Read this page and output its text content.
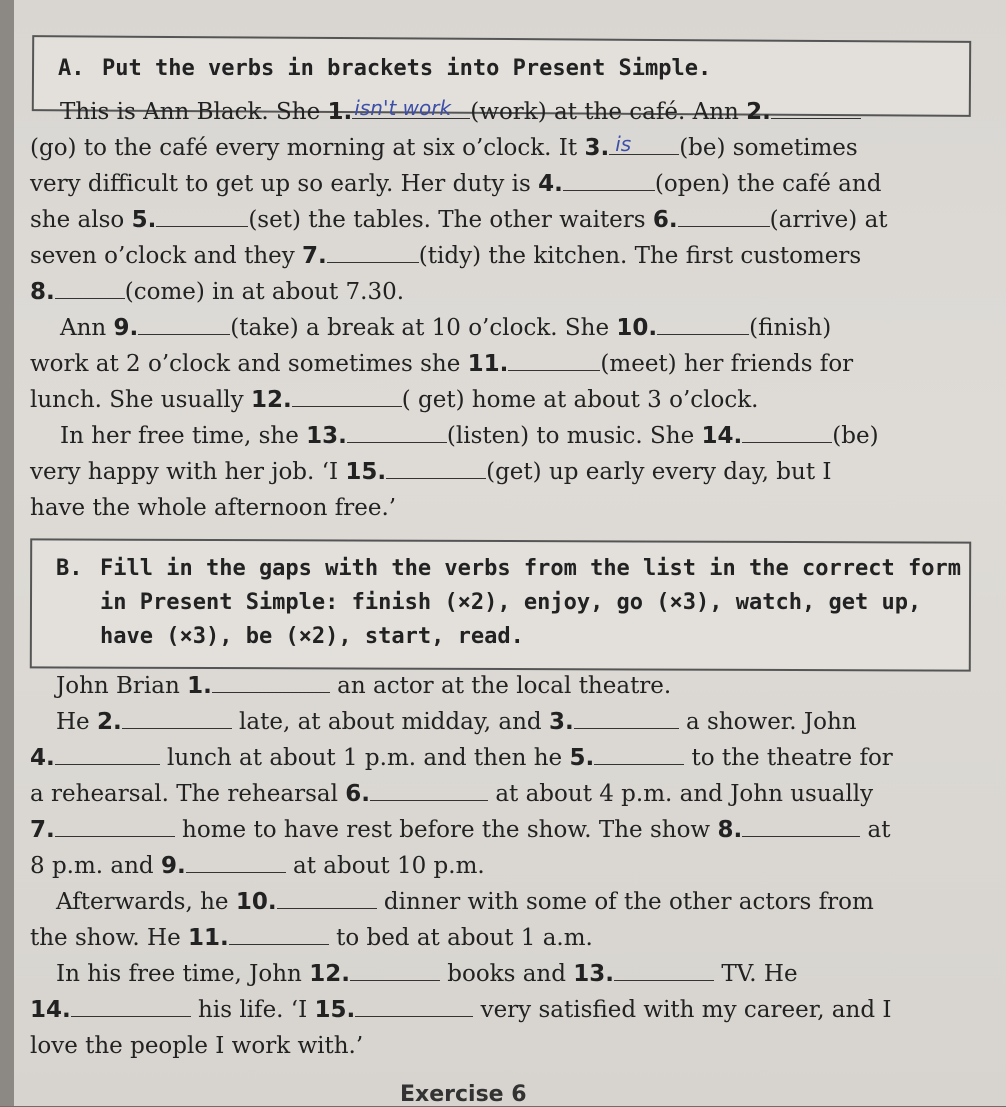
A. Put the verbs in brackets into Present Simple.
This is Ann Black. She 1. isn't work (work) at the café. Ann 2.
(go) to the café every morning at six o’clock. It 3. is (be) sometimes
very difficult to get up so early. Her duty is 4.	(open) the café and
she also 5.	(set) the tables. The other waiters 6.	(arrive) at
seven o’clock and they 7.	(tidy) the kitchen. The first customers
8.	(come) in at about 7.30.
Ann 9.	(take) a break at 10 o’clock. She 10.	(finish)
work at 2 o’clock and sometimes she 11.	(meet) her friends for
lunch. She usually 12.	( get) home at about 3 o’clock.
In her free time, she 13.	(listen) to music. She 14.	(be)
very happy with her job. ‘I 15.	(get) up early every day, but I
have the whole afternoon free.’
B. Fill in the gaps with the verbs from the list in the correct form
in Present Simple: finish (×2), enjoy, go (×3), watch, get up,
have (×3), be (×2), start, read.
John Brian 1.	an actor at the local theatre.
He 2.	late, at about midday, and 3.	a shower. John
4.	lunch at about 1 p.m. and then he 5.	to the theatre for
a rehearsal. The rehearsal 6.	at about 4 p.m. and John usually
7.	home to have rest before the show. The show 8.	at
8 p.m. and 9.	at about 10 p.m.
Afterwards, he 10.	dinner with some of the other actors from
the show. He 11.	to bed at about 1 a.m.
In his free time, John 12.	books and 13.	TV. He
14.	his life. ‘I 15.	very satisfied with my career, and I
love the people I work with.’
Exercise 6
